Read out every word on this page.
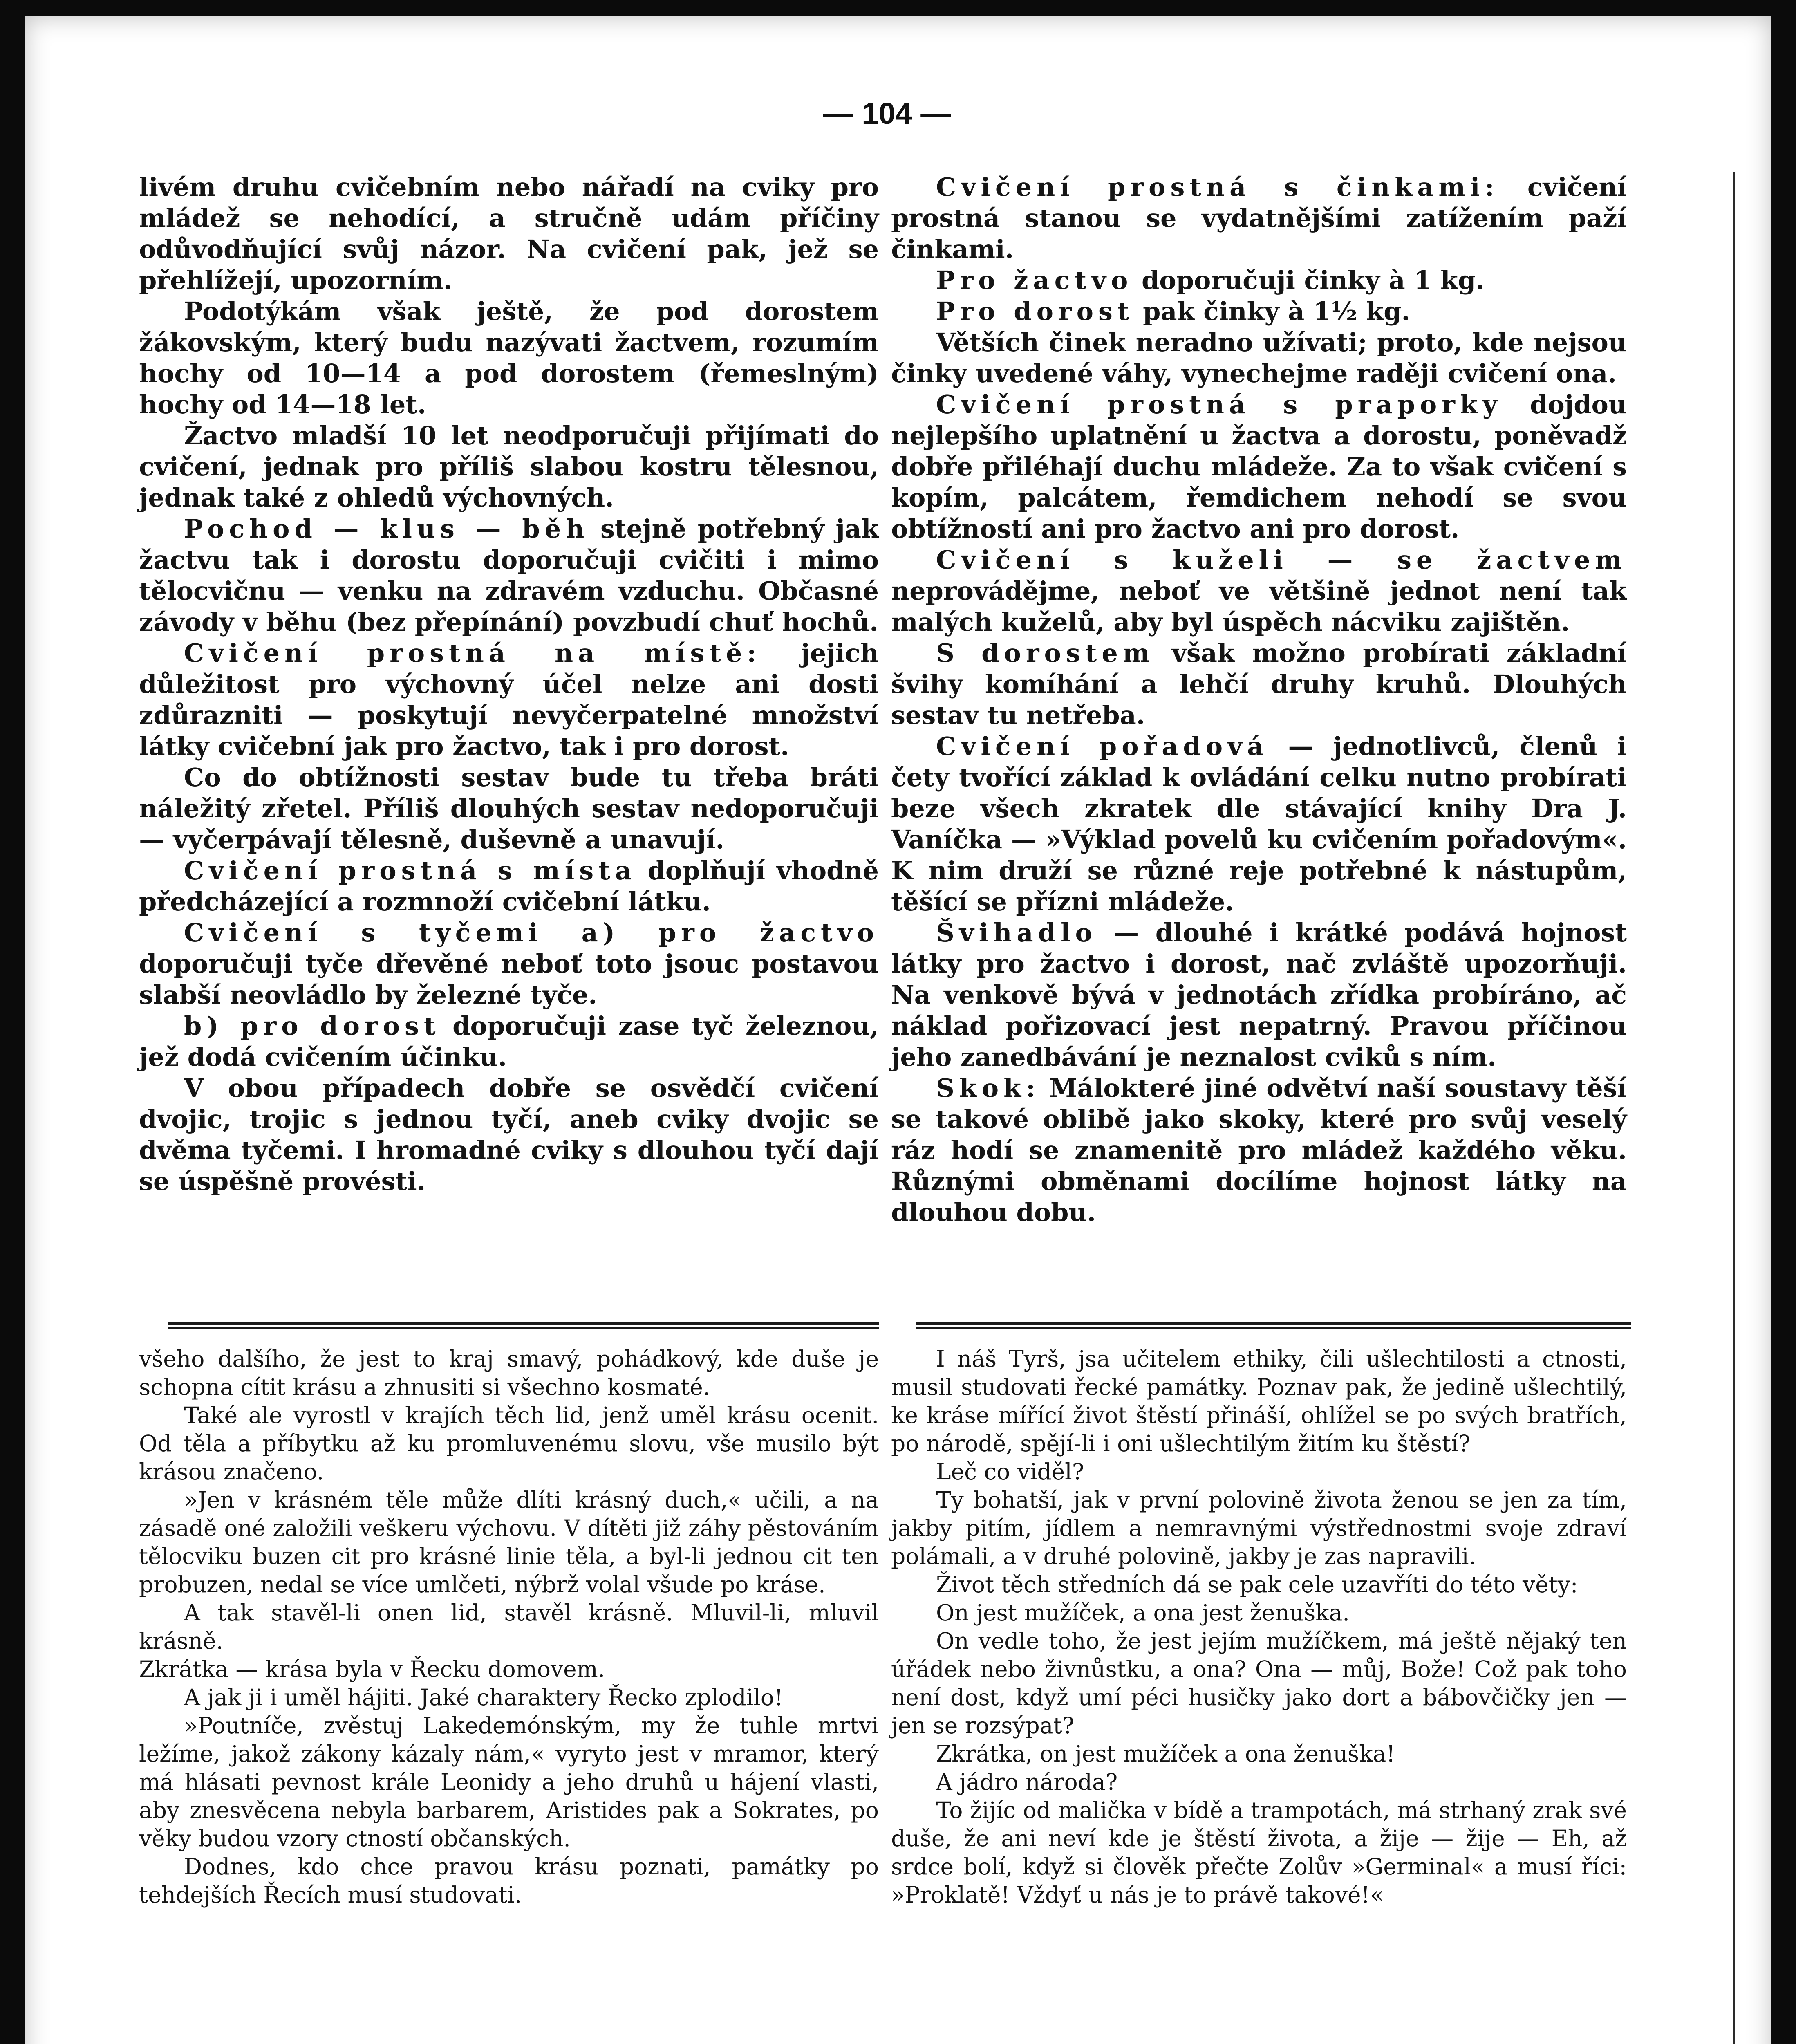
— 104 —

livém druhu cvičebním nebo nářadí na cviky pro mládež se nehodící, a stručně udám příčiny odůvodňující svůj názor. Na cvičení pak, jež se přehlížejí, upozorním.

Podotýkám však ještě, že pod dorostem žákovským, který budu nazývati žactvem, rozumím hochy od 10—14 a pod dorostem (řemeslným) hochy od 14—18 let.

Žactvo mladší 10 let neodporučuji přijímati do cvičení, jednak pro příliš slabou kostru tělesnou, jednak také z ohledů výchovných.

Pochod — klus — běh stejně potřebný jak žactvu tak i dorostu doporučuji cvičiti i mimo tělocvičnu — venku na zdravém vzduchu. Občasné závody v běhu (bez přepínání) povzbudí chuť hochů.

Cvičení prostná na místě: jejich důležitost pro výchovný účel nelze ani dosti zdůrazniti — poskytují nevyčerpatelné množství látky cvičební jak pro žactvo, tak i pro dorost.

Co do obtížnosti sestav bude tu třeba bráti náležitý zřetel. Příliš dlouhých sestav nedoporučuji — vyčerpávají tělesně, duševně a unavují.

Cvičení prostná s místa doplňují vhodně předcházející a rozmnoží cvičební látku.

Cvičení s tyčemi a) pro žactvo doporučuji tyče dřevěné neboť toto jsouc postavou slabší neovládlo by železné tyče.

b) pro dorost doporučuji zase tyč železnou, jež dodá cvičením účinku.

V obou případech dobře se osvědčí cvičení dvojic, trojic s jednou tyčí, aneb cviky dvojic se dvěma tyčemi. I hromadné cviky s dlouhou tyčí dají se úspěšně provésti.

Cvičení prostná s činkami: cvičení prostná stanou se vydatnějšími zatížením paží činkami.

Pro žactvo doporučuji činky à 1 kg.

Pro dorost pak činky à 1½ kg.

Větších činek neradno užívati; proto, kde nejsou činky uvedené váhy, vynechejme raději cvičení ona.

Cvičení prostná s praporky dojdou nejlepšího uplatnění u žactva a dorostu, poněvadž dobře přiléhají duchu mládeže. Za to však cvičení s kopím, palcátem, řemdichem nehodí se svou obtížností ani pro žactvo ani pro dorost.

Cvičení s kuželi — se žactvem neprovádějme, neboť ve většině jednot není tak malých kuželů, aby byl úspěch nácviku zajištěn.

S dorostem však možno probírati základní švihy komíhání a lehčí druhy kruhů. Dlouhých sestav tu netřeba.

Cvičení pořadová — jednotlivců, členů i čety tvořící základ k ovládání celku nutno probírati beze všech zkratek dle stávající knihy Dra J. Vaníčka — »Výklad povelů ku cvičením pořadovým«. K nim druží se různé reje potřebné k nástupům, těšící se přízni mládeže.

Švihadlo — dlouhé i krátké podává hojnost látky pro žactvo i dorost, nač zvláště upozorňuji. Na venkově bývá v jednotách zřídka probíráno, ač náklad pořizovací jest nepatrný. Pravou příčinou jeho zanedbávání je neznalost cviků s ním.

Skok: Málokteré jiné odvětví naší soustavy těší se takové oblibě jako skoky, které pro svůj veselý ráz hodí se znamenitě pro mládež každého věku. Různými obměnami docílíme hojnost látky na dlouhou dobu.

všeho dalšího, že jest to kraj smavý, pohádkový, kde duše je schopna cítit krásu a zhnusiti si všechno kosmaté.

Také ale vyrostl v krajích těch lid, jenž uměl krásu ocenit. Od těla a příbytku až ku promluvenému slovu, vše musilo být krásou značeno.

»Jen v krásném těle může dlíti krásný duch,« učili, a na zásadě oné založili veškeru výchovu. V dítěti již záhy pěstováním tělocviku buzen cit pro krásné linie těla, a byl-li jednou cit ten probuzen, nedal se více umlčeti, nýbrž volal všude po kráse.

A tak stavěl-li onen lid, stavěl krásně. Mluvil-li, mluvil krásně.

Zkrátka — krása byla v Řecku domovem.

A jak ji i uměl hájiti. Jaké charaktery Řecko zplodilo!

»Poutníče, zvěstuj Lakedemónským, my že tuhle mrtvi ležíme, jakož zákony kázaly nám,« vyryto jest v mramor, který má hlásati pevnost krále Leonidy a jeho druhů u hájení vlasti, aby znesvěcena nebyla barbarem, Aristides pak a Sokrates, po věky budou vzory ctností občanských.

Dodnes, kdo chce pravou krásu poznati, památky po tehdejších Řecích musí studovati.

I náš Tyrš, jsa učitelem ethiky, čili ušlechtilosti a ctnosti, musil studovati řecké památky. Poznav pak, že jedině ušlechtilý, ke kráse mířící život štěstí přináší, ohlížel se po svých bratřích, po národě, spějí-li i oni ušlechtilým žitím ku štěstí?

Leč co viděl?

Ty bohatší, jak v první polovině života ženou se jen za tím, jakby pitím, jídlem a nemravnými výstřednostmi svoje zdraví polámali, a v druhé polovině, jakby je zas napravili.

Život těch středních dá se pak cele uzavříti do této věty:

On jest mužíček, a ona jest ženuška.

On vedle toho, že jest jejím mužíčkem, má ještě nějaký ten úřádek nebo živnůstku, a ona? Ona — můj, Bože! Což pak toho není dost, když umí péci husičky jako dort a bábovčičky jen — jen se rozsýpat?

Zkrátka, on jest mužíček a ona ženuška!

A jádro národa?

To žijíc od malička v bídě a trampotách, má strhaný zrak své duše, že ani neví kde je štěstí života, a žije — žije — Eh, až srdce bolí, když si člověk přečte Zolův »Germinal« a musí říci: »Proklatě! Vždyť u nás je to právě takové!«
